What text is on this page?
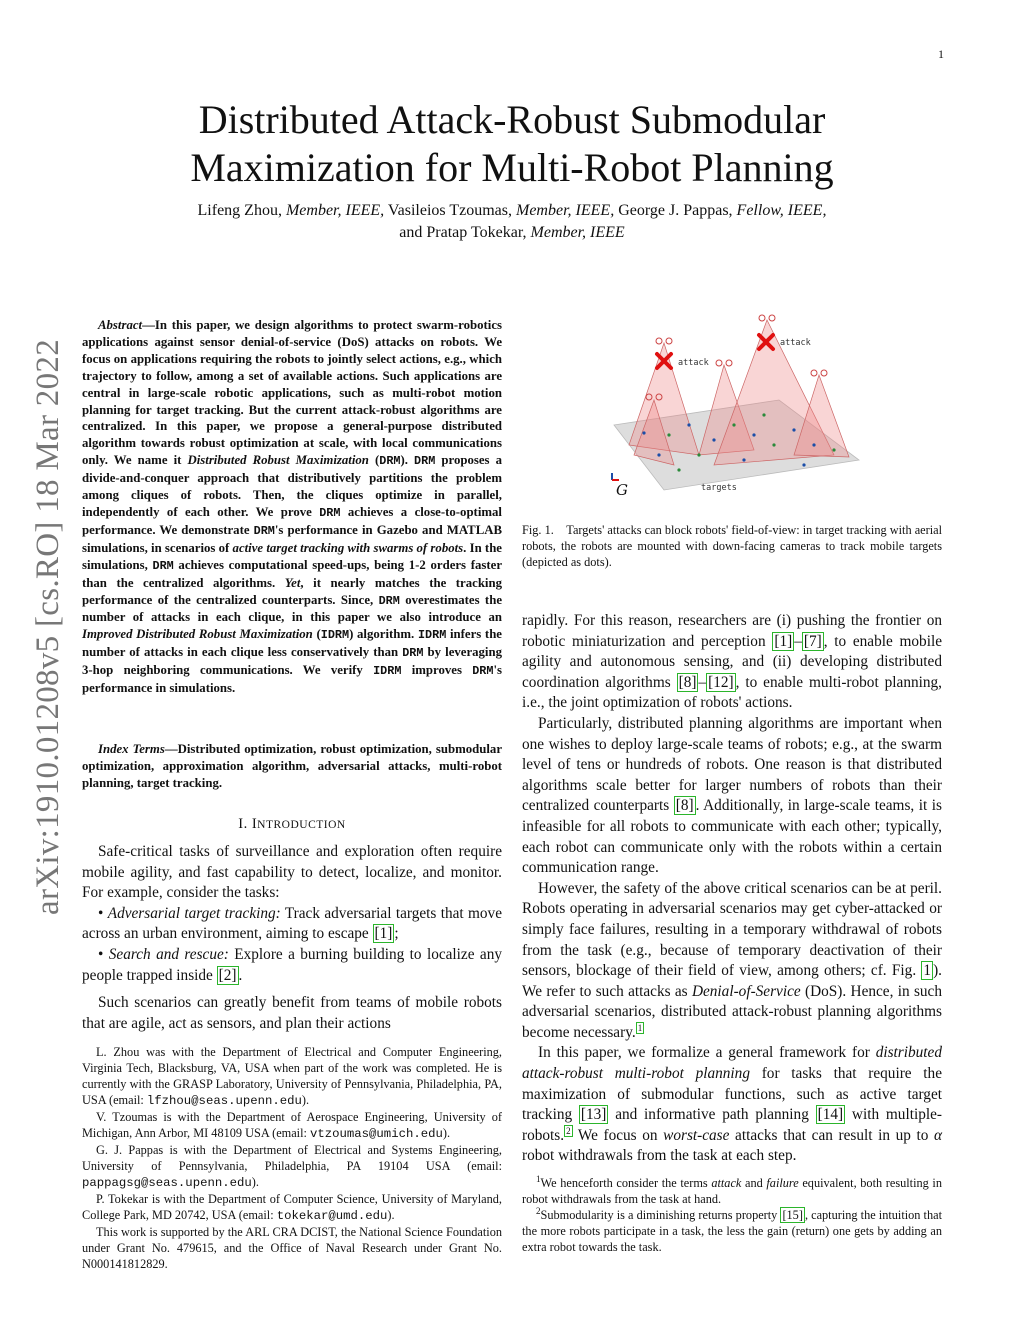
1
arXiv:1910.01208v5 [cs.RO] 18 Mar 2022
Distributed Attack-Robust Submodular
Maximization for Multi-Robot Planning
Lifeng Zhou, Member, IEEE, Vasileios Tzoumas, Member, IEEE, George J. Pappas, Fellow, IEEE,
and Pratap Tokekar, Member, IEEE

Abstract—In this paper, we design algorithms to protect swarm-robotics applications against sensor denial-of-service (DoS) attacks on robots. We focus on applications requiring the robots to jointly select actions, e.g., which trajectory to follow, among a set of available actions. Such applications are central in large-scale robotic applications, such as multi-robot motion planning for target tracking. But the current attack-robust algorithms are centralized. In this paper, we propose a general-purpose distributed algorithm towards robust optimization at scale, with local communications only. We name it Distributed Robust Maximization (DRM). DRM proposes a divide-and-conquer approach that distributively partitions the problem among cliques of robots. Then, the cliques optimize in parallel, independently of each other. We prove DRM achieves a close-to-optimal performance. We demonstrate DRM's performance in Gazebo and MATLAB simulations, in scenarios of active target tracking with swarms of robots. In the simulations, DRM achieves computational speed-ups, being 1-2 orders faster than the centralized algorithms. Yet, it nearly matches the tracking performance of the centralized counterparts. Since, DRM overestimates the number of attacks in each clique, in this paper we also introduce an Improved Distributed Robust Maximization (IDRM) algorithm. IDRM infers the number of attacks in each clique less conservatively than DRM by leveraging 3-hop neighboring communications. We verify IDRM improves DRM's performance in simulations.

Index Terms—Distributed optimization, robust optimization, submodular optimization, approximation algorithm, adversarial attacks, multi-robot planning, target tracking.

I. INTRODUCTION

Safe-critical tasks of surveillance and exploration often require mobile agility, and fast capability to detect, localize, and monitor. For example, consider the tasks:

• Adversarial target tracking: Track adversarial targets that move across an urban environment, aiming to escape [1] ;

• Search and rescue: Explore a burning building to localize any people trapped inside [2] .

Such scenarios can greatly benefit from teams of mobile robots that are agile, act as sensors, and plan their actions

L. Zhou was with the Department of Electrical and Computer Engineering, Virginia Tech, Blacksburg, VA, USA when part of the work was completed. He is currently with the GRASP Laboratory, University of Pennsylvania, Philadelphia, PA, USA (email: lfzhou@seas.upenn.edu).

V. Tzoumas is with the Department of Aerospace Engineering, University of Michigan, Ann Arbor, MI 48109 USA (email: vtzoumas@umich.edu).

G. J. Pappas is with the Department of Electrical and Systems Engineering, University of Pennsylvania, Philadelphia, PA 19104 USA (email: pappagsg@seas.upenn.edu).

P. Tokekar is with the Department of Computer Science, University of Maryland, College Park, MD 20742, USA (email: tokekar@umd.edu).

This work is supported by the ARL CRA DCIST, the National Science Foundation under Grant No. 479615, and the Office of Naval Research under Grant No. N000141812829.

attack
attack
targets
G
Fig. 1. Targets' attacks can block robots' field-of-view: in target tracking with aerial robots, the robots are mounted with down-facing cameras to track mobile targets (depicted as dots).

rapidly. For this reason, researchers are (i) pushing the frontier on robotic miniaturization and perception [1] – [7] , to enable mobile agility and autonomous sensing, and (ii) developing distributed coordination algorithms [8] – [12] , to enable multi-robot planning, i.e., the joint optimization of robots' actions.

Particularly, distributed planning algorithms are important when one wishes to deploy large-scale teams of robots; e.g., at the swarm level of tens or hundreds of robots. One reason is that distributed algorithms scale better for larger numbers of robots than their centralized counterparts [8] . Additionally, in large-scale teams, it is infeasible for all robots to communicate with each other; typically, each robot can communicate only with the robots within a certain communication range.

However, the safety of the above critical scenarios can be at peril. Robots operating in adversarial scenarios may get cyber-attacked or simply face failures, resulting in a temporary withdrawal of robots from the task (e.g., because of temporary deactivation of their sensors, blockage of their field of view, among others; cf. Fig. 1 ). We refer to such attacks as Denial-of-Service (DoS). Hence, in such adversarial scenarios, distributed attack-robust planning algorithms become necessary. $^1$

In this paper, we formalize a general framework for distributed attack-robust multi-robot planning for tasks that require the maximization of submodular functions, such as active target tracking [13] and informative path planning [14] with multiple-robots. $^2$ We focus on worst-case attacks that can result in up to α robot withdrawals from the task at each step.

$^1$We henceforth consider the terms attack and failure equivalent, both resulting in robot withdrawals from the task at hand.

$^2$Submodularity is a diminishing returns property [15] , capturing the intuition that the more robots participate in a task, the less the gain (return) one gets by adding an extra robot towards the task.
